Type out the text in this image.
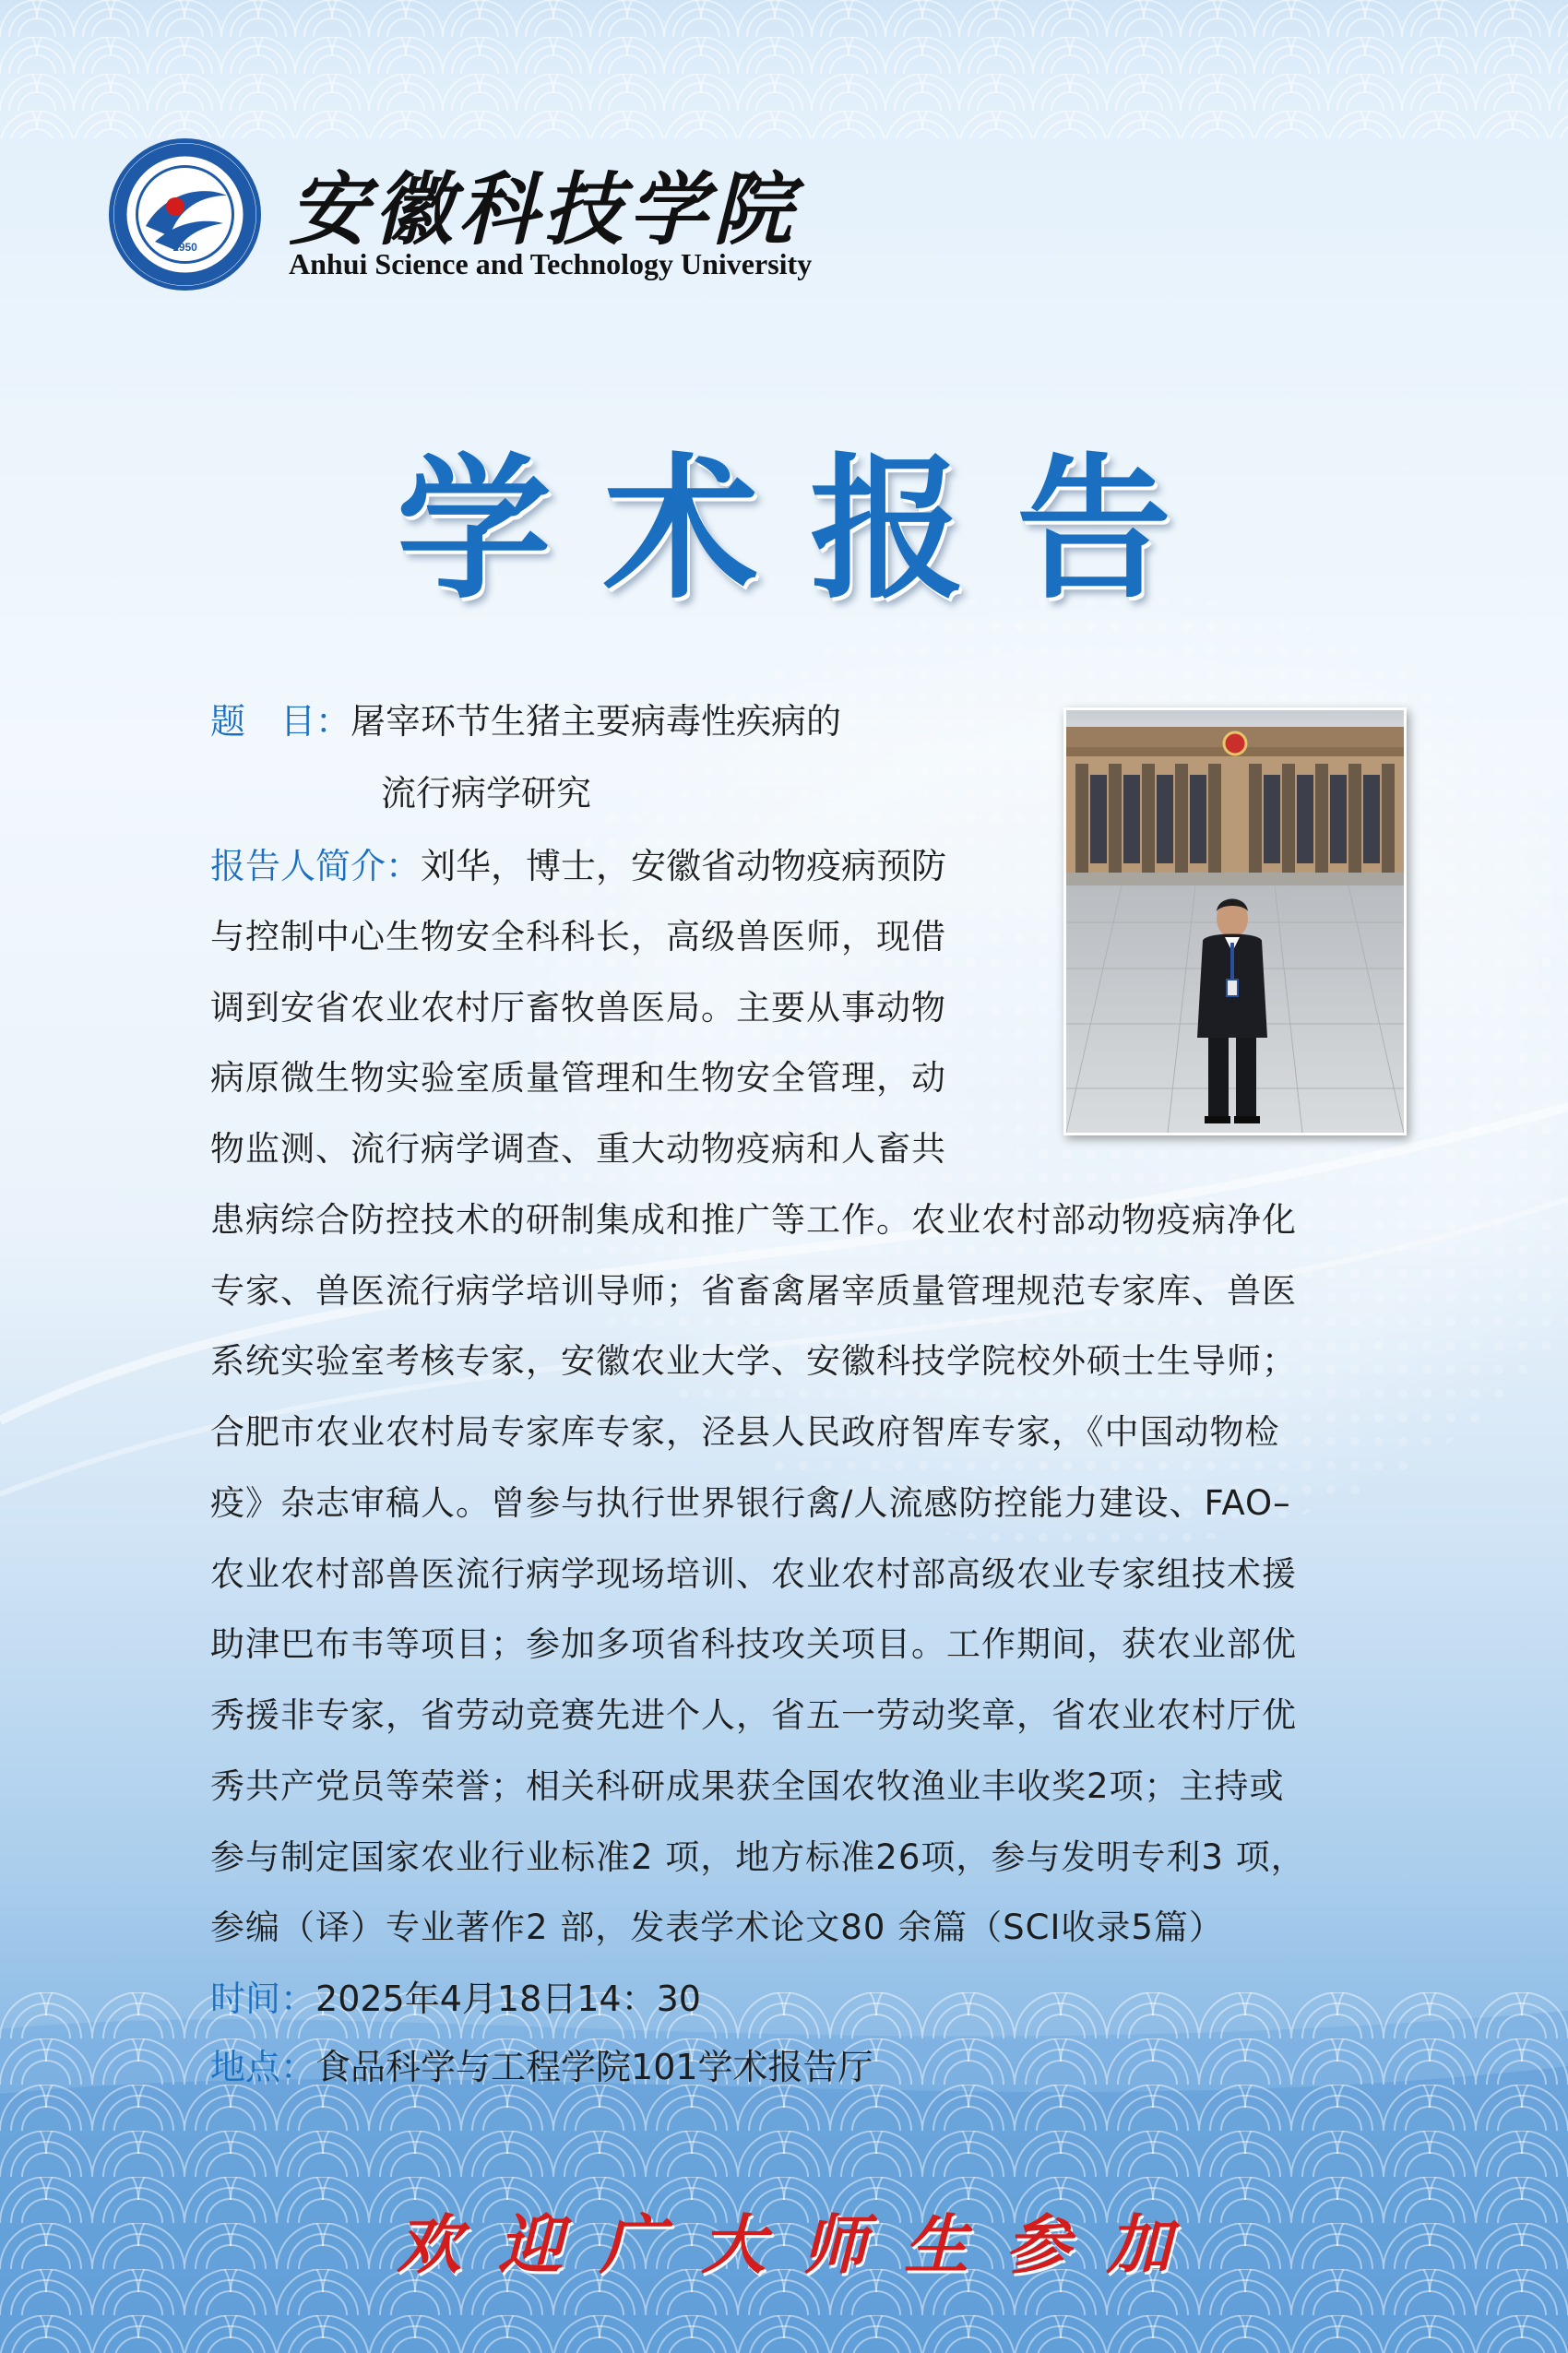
1950 安徽科技学院
Anhui Science and Technology University
学术报告
题　目：屠宰环节生猪主要病毒性疾病的
流行病学研究
报告人简介：刘华，博士，安徽省动物疫病预防
与控制中心生物安全科科长，高级兽医师，现借
调到安省农业农村厅畜牧兽医局。主要从事动物
病原微生物实验室质量管理和生物安全管理，动
物监测、流行病学调查、重大动物疫病和人畜共
患病综合防控技术的研制集成和推广等工作。农业农村部动物疫病净化
专家、兽医流行病学培训导师；省畜禽屠宰质量管理规范专家库、兽医
系统实验室考核专家，安徽农业大学、安徽科技学院校外硕士生导师；
合肥市农业农村局专家库专家，泾县人民政府智库专家，《中国动物检
疫》杂志审稿人。曾参与执行世界银行禽/人流感防控能力建设、FAO–
农业农村部兽医流行病学现场培训、农业农村部高级农业专家组技术援
助津巴布韦等项目；参加多项省科技攻关项目。工作期间，获农业部优
秀援非专家，省劳动竞赛先进个人，省五一劳动奖章，省农业农村厅优
秀共产党员等荣誉；相关科研成果获全国农牧渔业丰收奖2项；主持或
参与制定国家农业行业标准2 项，地方标准26项，参与发明专利3 项，
参编（译）专业著作2 部，发表学术论文80 余篇（SCI收录5篇）
时间：2025年4月18日14：30
地点：食品科学与工程学院101学术报告厅
欢迎广大师生参加
